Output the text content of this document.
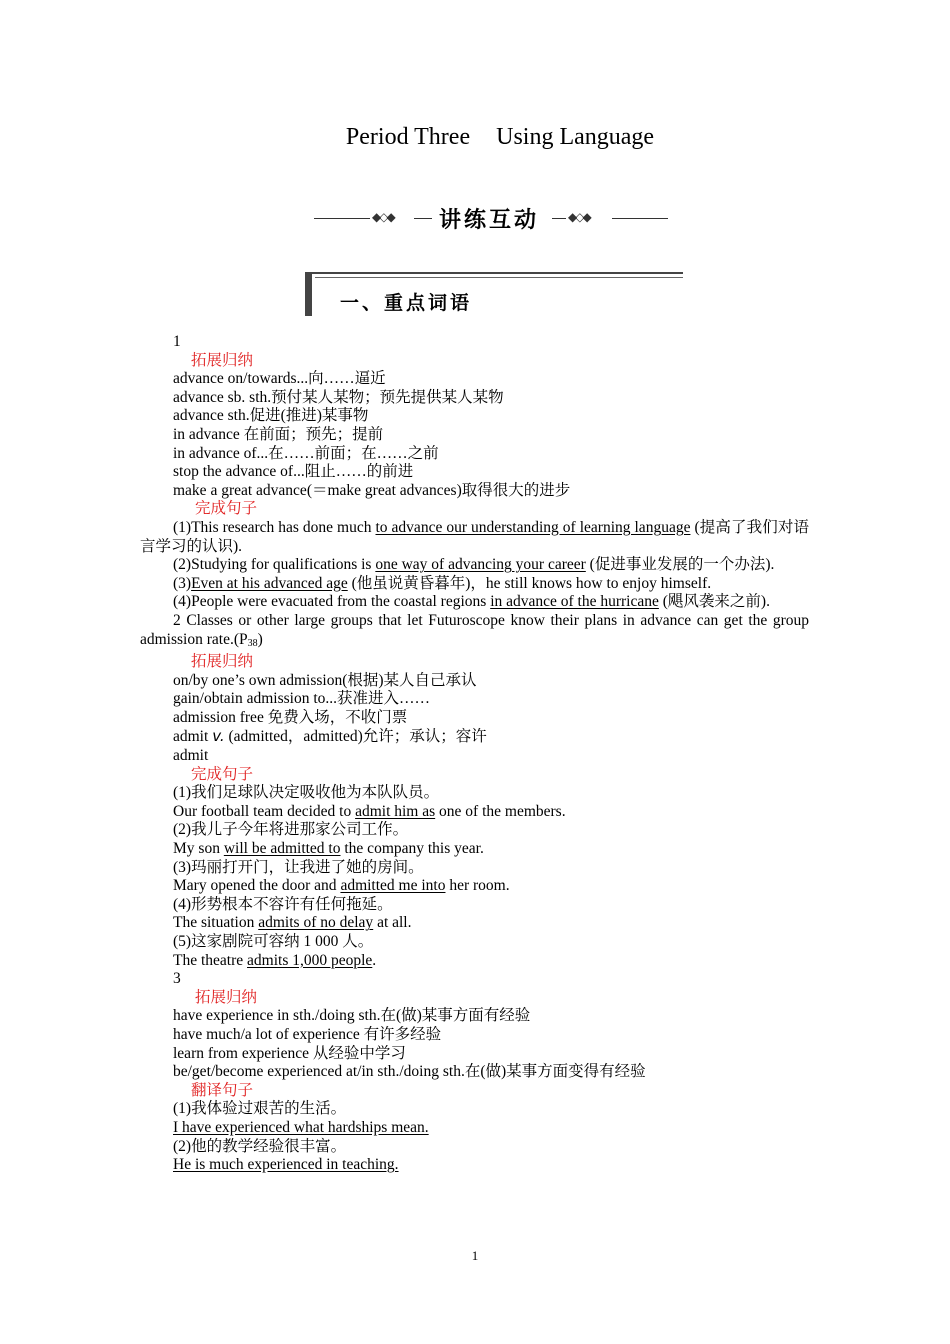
Period Three Using Language
◆◇◆ 讲练互动 ◆◇◆
一、重点词语

1

拓展归纳

advance on/towards...向……逼近

advance sb. sth.预付某人某物；预先提供某人某物

advance sth.促进(推进)某事物

in advance 在前面；预先；提前

in advance of...在……前面；在……之前

stop the advance of...阻止……的前进

make a great advance(＝make great advances)取得很大的进步

完成句子

(1)This research has done much to advance our understanding of learning language (提高了我们对语言学习的认识).

(2)Studying for qualifications is one way of advancing your career (促进事业发展的一个办法).

(3)Even at his advanced age (他虽说黄昏暮年)，he still knows how to enjoy himself.

(4)People were evacuated from the coastal regions in advance of the hurricane (飓风袭来之前).

2 Classes or other large groups that let Futuroscope know their plans in advance can get the group admission $rate.(P_{38})$

拓展归纳

on/by one’s own admission(根据)某人自己承认

gain/obtain admission to...获准进入……

admission free 免费入场，不收门票

admit v. (admitted，admitted)允许；承认；容许

admit

完成句子

(1)我们足球队决定吸收他为本队队员。

Our football team decided to admit him as one of the members.

(2)我儿子今年将进那家公司工作。

My son will be admitted to the company this year.

(3)玛丽打开门，让我进了她的房间。

Mary opened the door and admitted me into her room.

(4)形势根本不容许有任何拖延。

The situation admits of no delay at all.

(5)这家剧院可容纳 1 000 人。

The theatre admits 1,000 people.

3

拓展归纳

have experience in sth./doing sth.在(做)某事方面有经验

have much/a lot of experience 有许多经验

learn from experience 从经验中学习

be/get/become experienced at/in sth./doing sth.在(做)某事方面变得有经验

翻译句子

(1)我体验过艰苦的生活。

I have experienced what hardships mean.

(2)他的教学经验很丰富。

He is much experienced in teaching.

1
